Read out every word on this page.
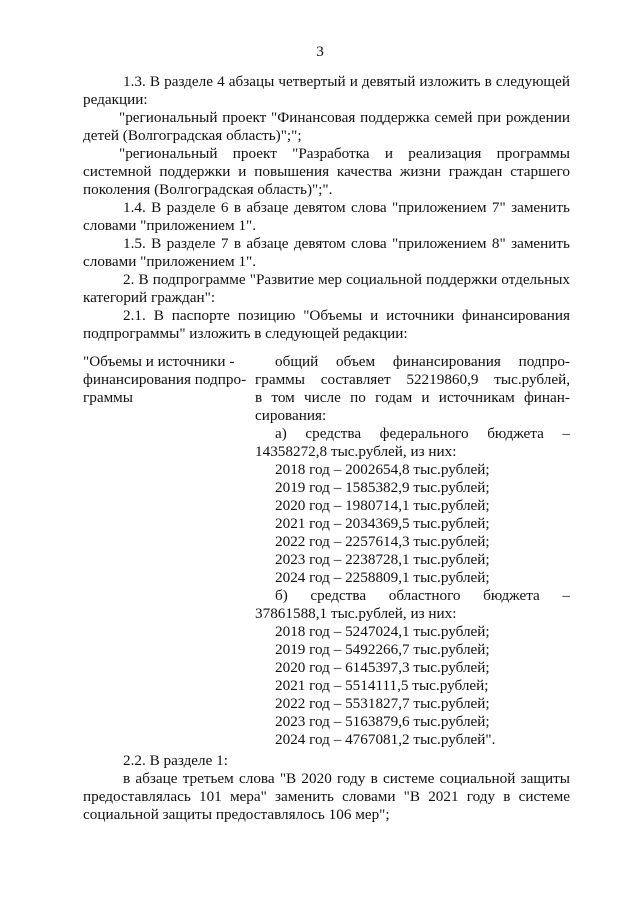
3

1.3. В разделе 4 абзацы четвертый и девятый изложить в следующей редакции:

"региональный проект "Финансовая поддержка семей при рождении детей (Волгоградская область)";";

"региональный проект "Разработка и реализация программы системной поддержки и повышения качества жизни граждан старшего поколения (Волгоградская область)";".

1.4. В разделе 6 в абзаце девятом слова "приложением 7" заменить словами "приложением 1".

1.5. В разделе 7 в абзаце девятом слова "приложением 8" заменить словами "приложением 1".

2. В подпрограмме "Развитие мер социальной поддержки отдельных категорий граждан":

2.1. В паспорте позицию "Объемы и источники финансирования подпрограммы" изложить в следующей редакции:

"Объемы и источники -

финансирования подпро-

граммы

общий объем финансирования подпро-

граммы составляет 52219860,9 тыс.рублей,

в том числе по годам и источникам финан-

сирования:

а) средства федерального бюджета –

14358272,8 тыс.рублей, из них:

2018 год – 2002654,8 тыс.рублей;

2019 год – 1585382,9 тыс.рублей;

2020 год – 1980714,1 тыс.рублей;

2021 год – 2034369,5 тыс.рублей;

2022 год – 2257614,3 тыс.рублей;

2023 год – 2238728,1 тыс.рублей;

2024 год – 2258809,1 тыс.рублей;

б) средства областного бюджета –

37861588,1 тыс.рублей, из них:

2018 год – 5247024,1 тыс.рублей;

2019 год – 5492266,7 тыс.рублей;

2020 год – 6145397,3 тыс.рублей;

2021 год – 5514111,5 тыс.рублей;

2022 год – 5531827,7 тыс.рублей;

2023 год – 5163879,6 тыс.рублей;

2024 год – 4767081,2 тыс.рублей".

2.2. В разделе 1:

в абзаце третьем слова "В 2020 году в системе социальной защиты предоставлялась 101 мера" заменить словами "В 2021 году в системе социальной защиты предоставлялось 106 мер";
